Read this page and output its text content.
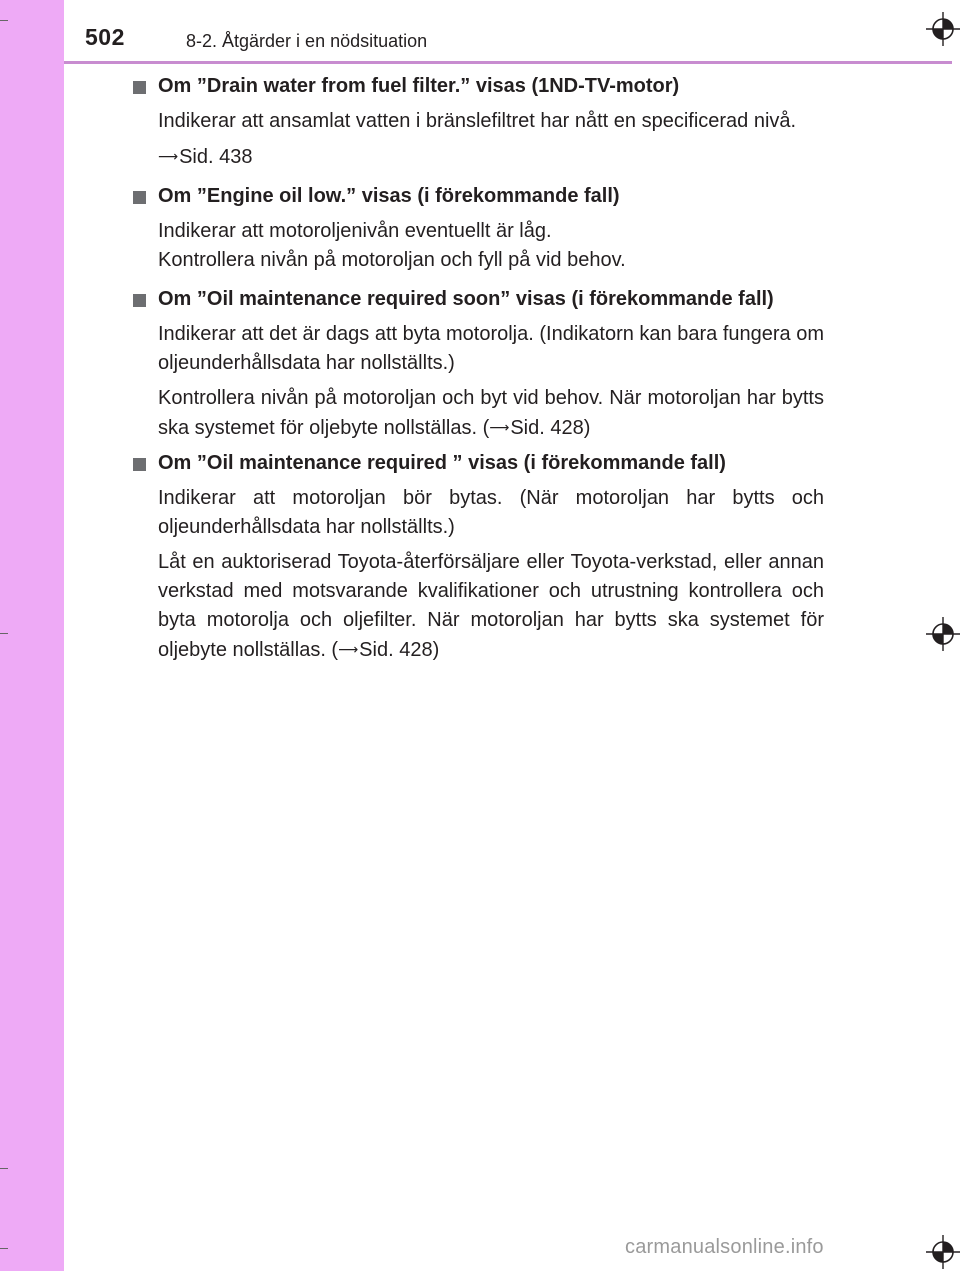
502	8-2. Åtgärder i en nödsituation
Om ”Drain water from fuel filter.” visas (1ND-TV-motor)
Indikerar att ansamlat vatten i bränslefiltret har nått en specificerad nivå.
⟶Sid. 438
Om ”Engine oil low.” visas (i förekommande fall)
Indikerar att motoroljenivån eventuellt är låg.
Kontrollera nivån på motoroljan och fyll på vid behov.
Om ”Oil maintenance required soon” visas (i förekommande fall)
Indikerar att det är dags att byta motorolja. (Indikatorn kan bara fungera om oljeunderhållsdata har nollställts.)
Kontrollera nivån på motoroljan och byt vid behov. När motoroljan har bytts ska systemet för oljebyte nollställas. (⟶Sid. 428)
Om ”Oil maintenance required ” visas (i förekommande fall)
Indikerar att motoroljan bör bytas. (När motoroljan har bytts och oljeunderhållsdata har nollställts.)
Låt en auktoriserad Toyota-återförsäljare eller Toyota-verkstad, eller annan verkstad med motsvarande kvalifikationer och utrustning kontrollera och byta motorolja och oljefilter. När motoroljan har bytts ska systemet för oljebyte nollställas. (⟶Sid. 428)
carmanualsonline.info
